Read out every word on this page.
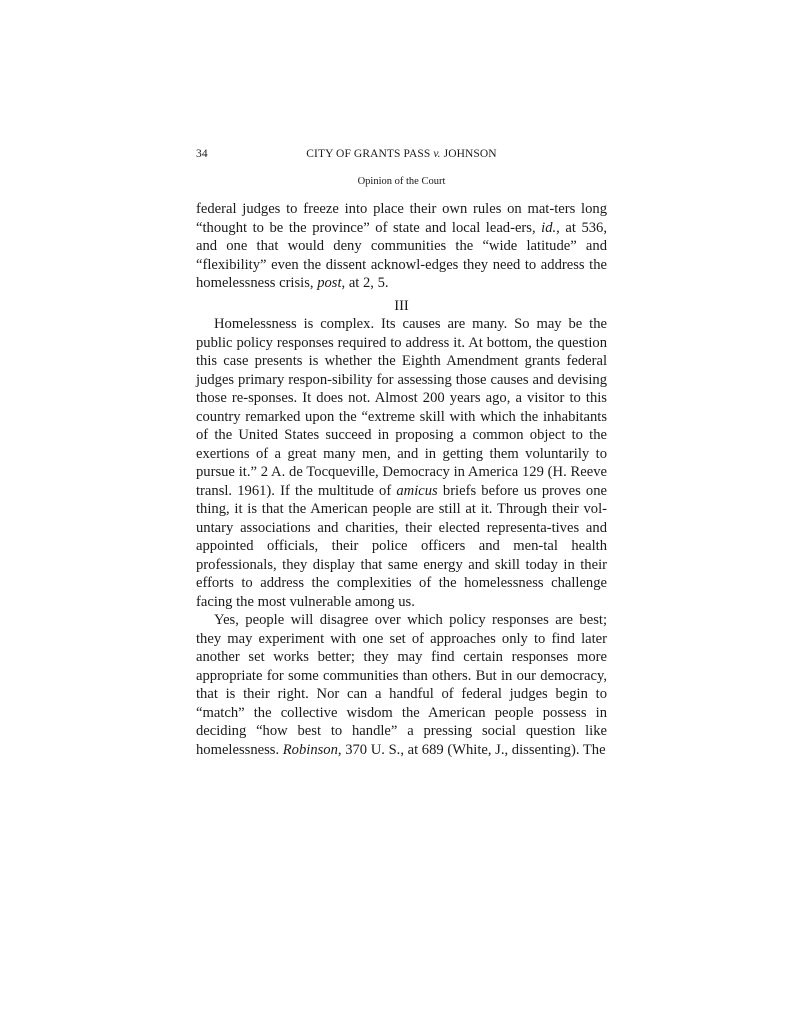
34	CITY OF GRANTS PASS v. JOHNSON
Opinion of the Court

federal judges to freeze into place their own rules on mat-ters long “thought to be the province” of state and local lead-ers, id., at 536, and one that would deny communities the “wide latitude” and “flexibility” even the dissent acknowl-edges they need to address the homelessness crisis, post, at 2, 5.

III

Homelessness is complex. Its causes are many. So may be the public policy responses required to address it. At bottom, the question this case presents is whether the Eighth Amendment grants federal judges primary respon-sibility for assessing those causes and devising those re-sponses. It does not. Almost 200 years ago, a visitor to this country remarked upon the “extreme skill with which the inhabitants of the United States succeed in proposing a common object to the exertions of a great many men, and in getting them voluntarily to pursue it.” 2 A. de Tocqueville, Democracy in America 129 (H. Reeve transl. 1961). If the multitude of amicus briefs before us proves one thing, it is that the American people are still at it. Through their vol-untary associations and charities, their elected representa-tives and appointed officials, their police officers and men-tal health professionals, they display that same energy and skill today in their efforts to address the complexities of the homelessness challenge facing the most vulnerable among us.

Yes, people will disagree over which policy responses are best; they may experiment with one set of approaches only to find later another set works better; they may find certain responses more appropriate for some communities than others. But in our democracy, that is their right. Nor can a handful of federal judges begin to “match” the collective wisdom the American people possess in deciding “how best to handle” a pressing social question like homelessness. Robinson, 370 U. S., at 689 (White, J., dissenting). The
